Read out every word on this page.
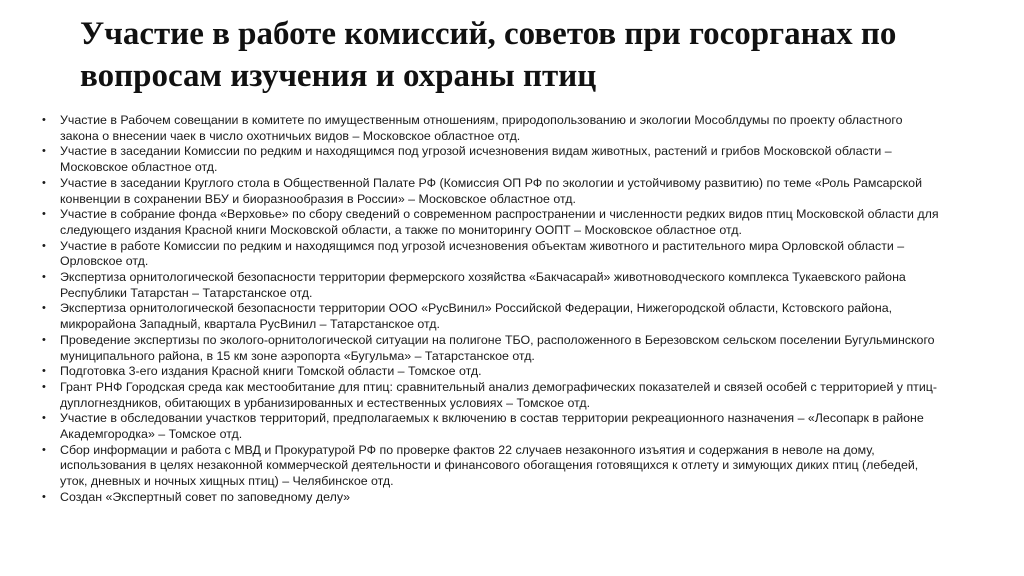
Участие в работе комиссий, советов при госорганах по вопросам изучения и охраны птиц
•	Участие в Рабочем совещании в комитете по имущественным отношениям, природопользованию и экологии Мособлдумы по проекту областного закона о внесении чаек в число охотничьих видов – Московское областное отд.
•	Участие в заседании Комиссии по редким и находящимся под угрозой исчезновения видам животных, растений и грибов Московской области – Московское областное отд.
•	Участие в заседании Круглого стола в Общественной Палате РФ (Комиссия ОП РФ по экологии и устойчивому развитию) по теме «Роль Рамсарской конвенции в сохранении ВБУ и биоразнообразия в России» – Московское областное отд.
•	Участие в собрание фонда «Верховье» по сбору сведений о современном распространении и численности редких видов птиц Московской области для следующего издания Красной книги Московской области, а также по мониторингу ООПТ – Московское областное отд.
•	Участие в работе Комиссии по редким и находящимся под угрозой исчезновения объектам животного и растительного мира Орловской области – Орловское отд.
•	Экспертиза орнитологической безопасности территории фермерского хозяйства «Бакчасарай» животноводческого комплекса Тукаевского района Республики Татарстан – Татарстанское отд.
•	Экспертиза орнитологической безопасности территории ООО «РусВинил» Российской Федерации, Нижегородской области, Кстовского района, микрорайона Западный, квартала РусВинил – Татарстанское отд.
•	Проведение экспертизы по эколого-орнитологической ситуации на полигоне ТБО, расположенного в Березовском сельском поселении Бугульминского муниципального района, в 15 км зоне аэропорта «Бугульма» – Татарстанское отд.
•	Подготовка 3-его издания Красной книги Томской области – Томское отд.
•	Грант РНФ Городская среда как местообитание для птиц: сравнительный анализ демографических показателей и связей особей с территорией у птиц-дуплогнездников, обитающих в урбанизированных и естественных условиях – Томское отд.
•	Участие в обследовании участков территорий, предполагаемых к включению в состав территории рекреационного назначения – «Лесопарк в районе Академгородка» – Томское отд.
•	Сбор информации и работа с МВД и Прокуратурой РФ по проверке фактов 22 случаев незаконного изъятия и содержания в неволе на дому, использования в целях незаконной коммерческой деятельности и финансового обогащения готовящихся к отлету и зимующих диких птиц (лебедей, уток, дневных и ночных хищных птиц) – Челябинское отд.
•	Создан «Экспертный совет по заповедному делу»
